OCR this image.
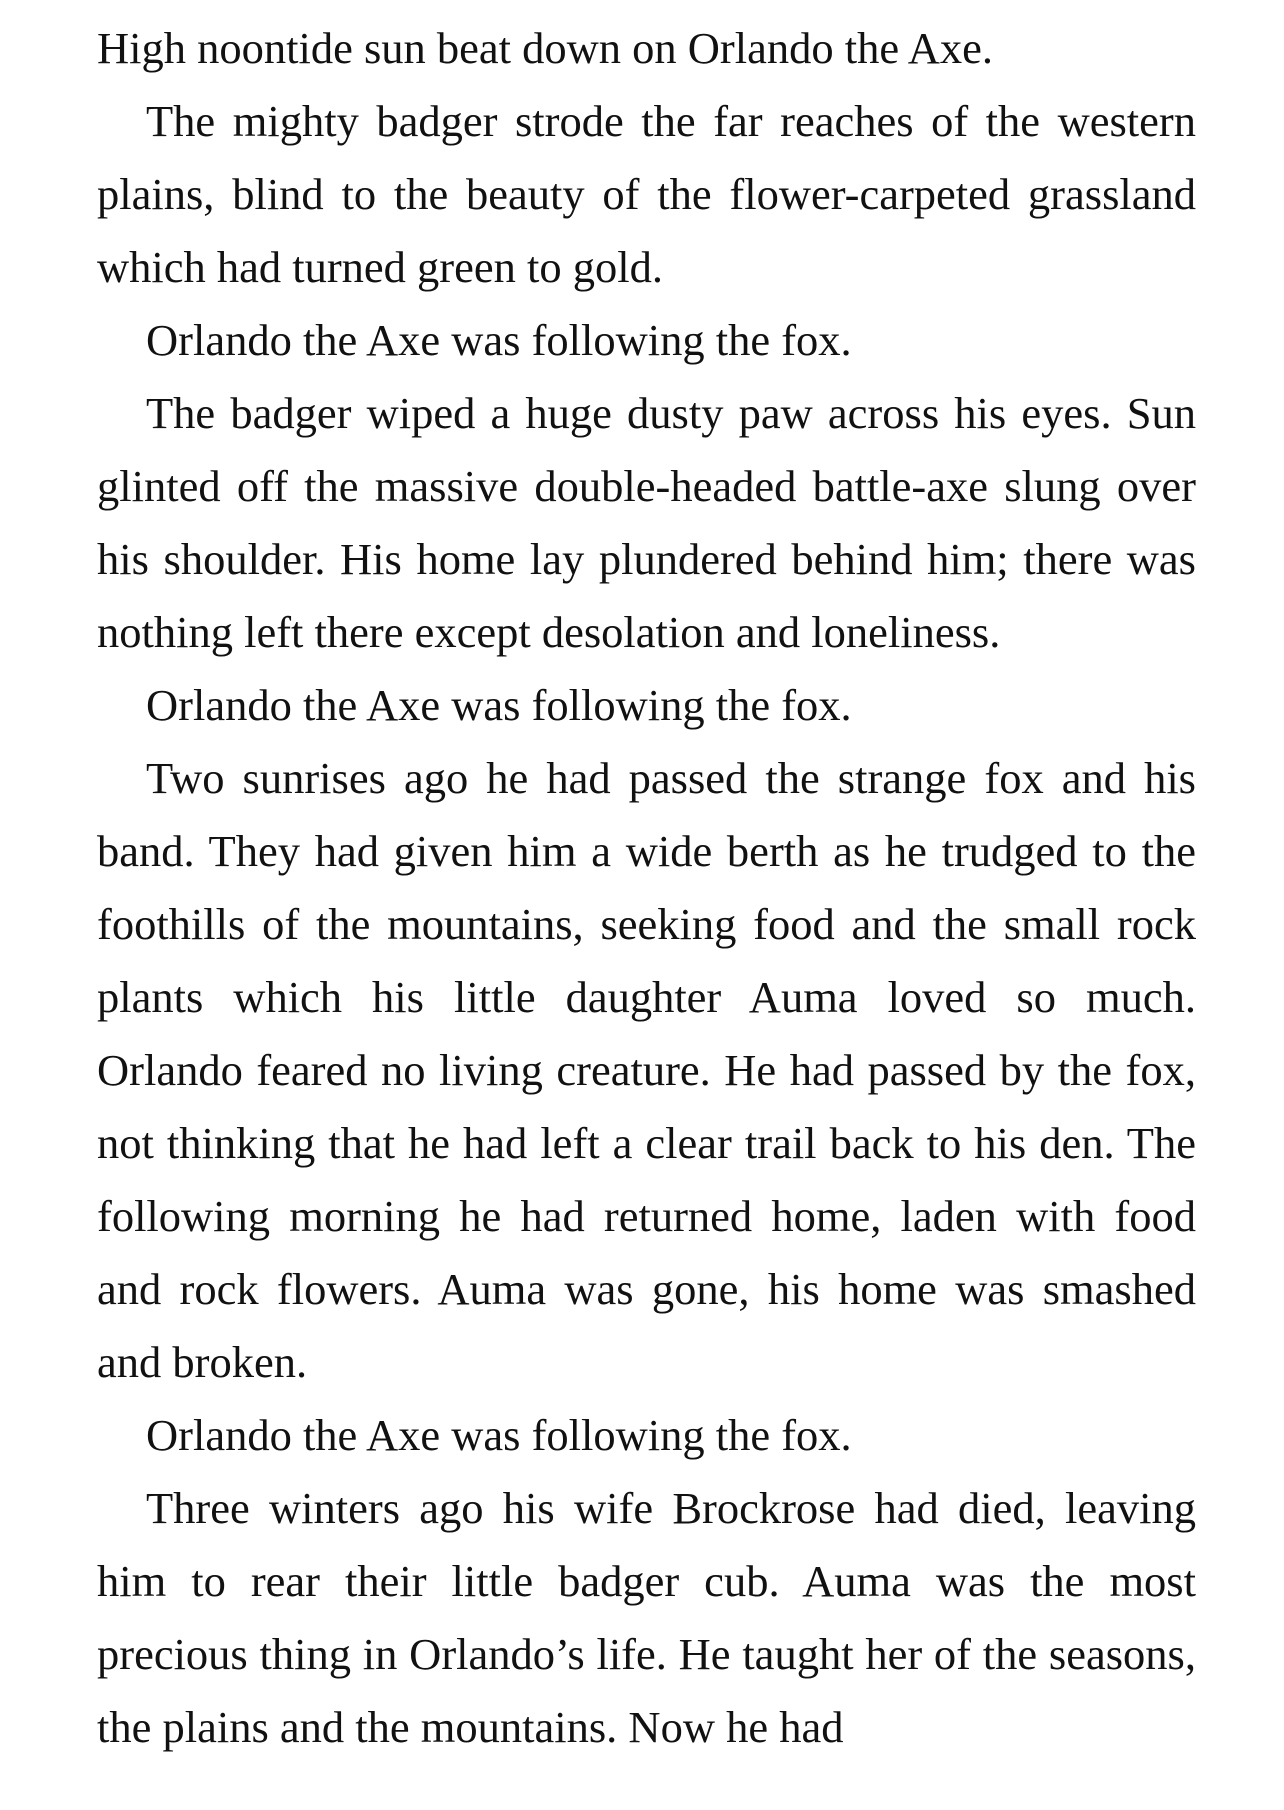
High noontide sun beat down on Orlando the Axe.

The mighty badger strode the far reaches of the western plains, blind to the beauty of the flower-carpeted grassland which had turned green to gold.

Orlando the Axe was following the fox.

The badger wiped a huge dusty paw across his eyes. Sun glinted off the massive double-headed battle-axe slung over his shoulder. His home lay plundered behind him; there was nothing left there except desolation and loneliness.

Orlando the Axe was following the fox.

Two sunrises ago he had passed the strange fox and his band. They had given him a wide berth as he trudged to the foothills of the mountains, seeking food and the small rock plants which his little daughter Auma loved so much. Orlando feared no living creature. He had passed by the fox, not thinking that he had left a clear trail back to his den. The following morning he had returned home, laden with food and rock flowers. Auma was gone, his home was smashed and broken.

Orlando the Axe was following the fox.

Three winters ago his wife Brockrose had died, leaving him to rear their little badger cub. Auma was the most precious thing in Orlando’s life. He taught her of the seasons, the plains and the mountains. Now he had
